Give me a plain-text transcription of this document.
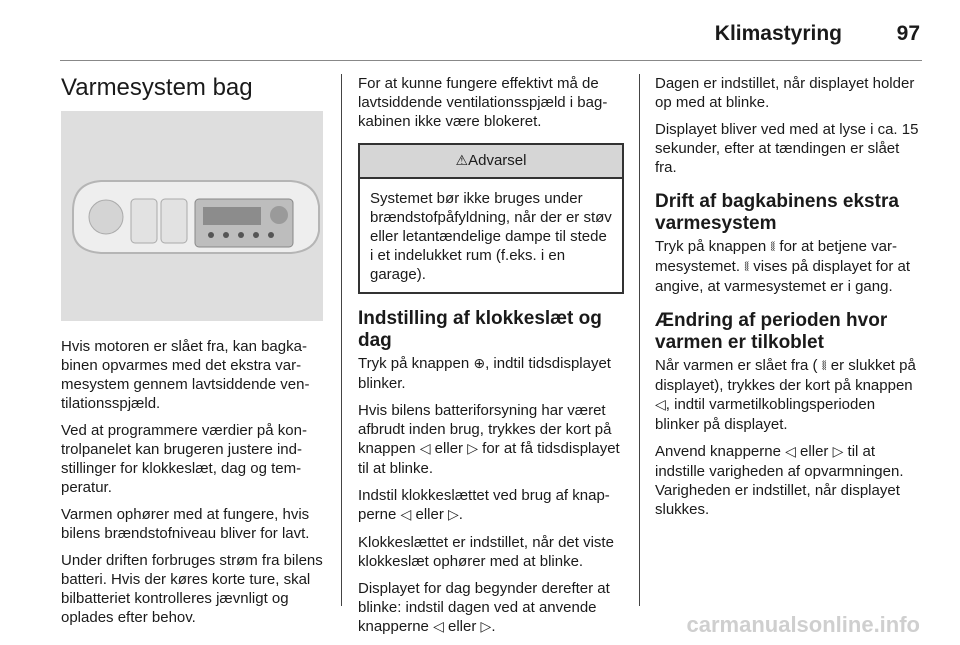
Klimastyring	97
Varmesystem bag

Hvis motoren er slået fra, kan bagkabinen opvarmes med det ekstra varmesystem gennem lavtsiddende ventilationsspjæld.

Ved at programmere værdier på kontrolpanelet kan brugeren justere indstillinger for klokkeslæt, dag og temperatur.

Varmen ophører med at fungere, hvis bilens brændstofniveau bliver for lavt.

Under driften forbruges strøm fra bilens batteri. Hvis der køres korte ture, skal bilbatteriet kontrolleres jævnligt og oplades efter behov.

For at kunne fungere effektivt må de lavtsiddende ventilationsspjæld i bagkabinen ikke være blokeret.

⚠Advarsel
Systemet bør ikke bruges under brændstofpåfyldning, når der er støv eller letantændelige dampe til stede i et indelukket rum (f.eks. i en garage).
Indstilling af klokkeslæt og dag

Tryk på knappen ⊕, indtil tidsdisplayet blinker.

Hvis bilens batteriforsyning har været afbrudt inden brug, trykkes der kort på knappen ◁ eller ▷ for at få tidsdisplayet til at blinke.

Indstil klokkeslættet ved brug af knapperne ◁ eller ▷.

Klokkeslættet er indstillet, når det viste klokkeslæt ophører med at blinke.

Displayet for dag begynder derefter at blinke: indstil dagen ved at anvende knapperne ◁ eller ▷.

Dagen er indstillet, når displayet holder op med at blinke.

Displayet bliver ved med at lyse i ca. 15 sekunder, efter at tændingen er slået fra.

Drift af bagkabinens ekstra varmesystem

Tryk på knappen ⧛ for at betjene varmesystemet. ⧛ vises på displayet for at angive, at varmesystemet er i gang.

Ændring af perioden hvor varmen er tilkoblet

Når varmen er slået fra ( ⧛ er slukket på displayet), trykkes der kort på knappen ◁, indtil varmetilkoblingsperioden blinker på displayet.

Anvend knapperne ◁ eller ▷ til at indstille varigheden af opvarmningen. Varigheden er indstillet, når displayet slukkes.

carmanualsonline.info
